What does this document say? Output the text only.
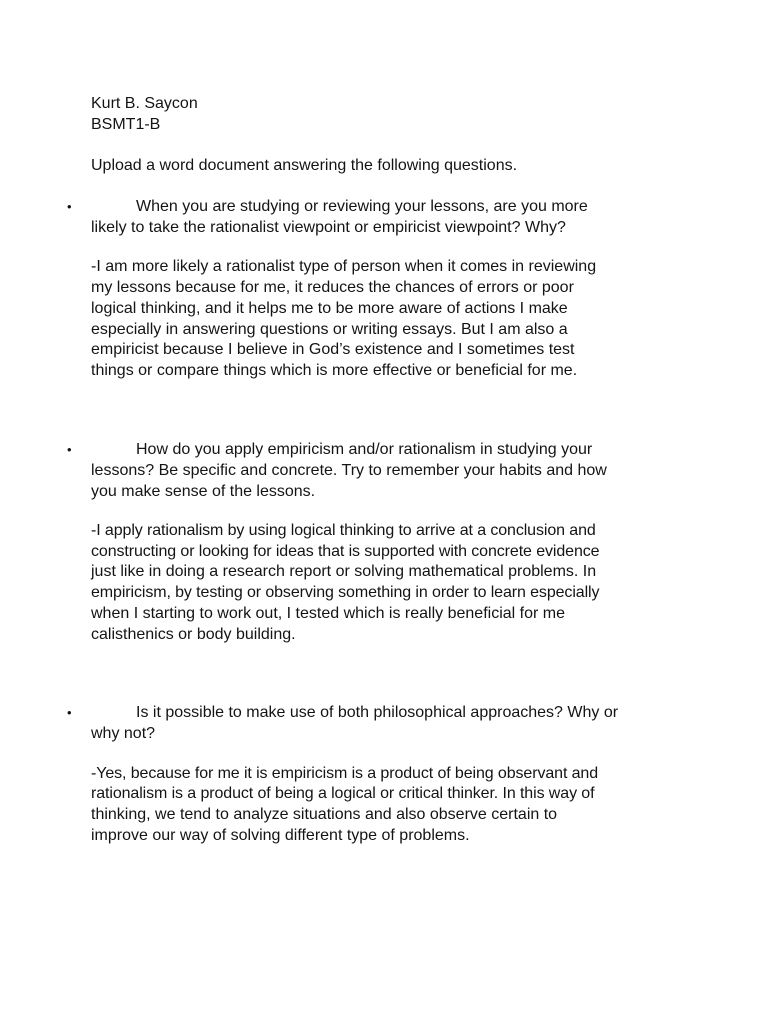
Kurt B. Saycon

BSMT1-B

Upload a word document answering the following questions.

•	When you are studying or reviewing your lessons, are you more

likely to take the rationalist viewpoint or empiricist viewpoint? Why?

-I am more likely a rationalist type of person when it comes in reviewing

my lessons because for me, it reduces the chances of errors or poor

logical thinking, and it helps me to be more aware of actions I make

especially in answering questions or writing essays. But I am also a

empiricist because I believe in God’s existence and I sometimes test

things or compare things which is more effective or beneficial for me.

•	How do you apply empiricism and/or rationalism in studying your

lessons? Be specific and concrete. Try to remember your habits and how

you make sense of the lessons.

-I apply rationalism by using logical thinking to arrive at a conclusion and

constructing or looking for ideas that is supported with concrete evidence

just like in doing a research report or solving mathematical problems. In

empiricism, by testing or observing something in order to learn especially

when I starting to work out, I tested which is really beneficial for me

calisthenics or body building.

•	Is it possible to make use of both philosophical approaches? Why or

why not?

-Yes, because for me it is empiricism is a product of being observant and

rationalism is a product of being a logical or critical thinker. In this way of

thinking, we tend to analyze situations and also observe certain to

improve our way of solving different type of problems.
